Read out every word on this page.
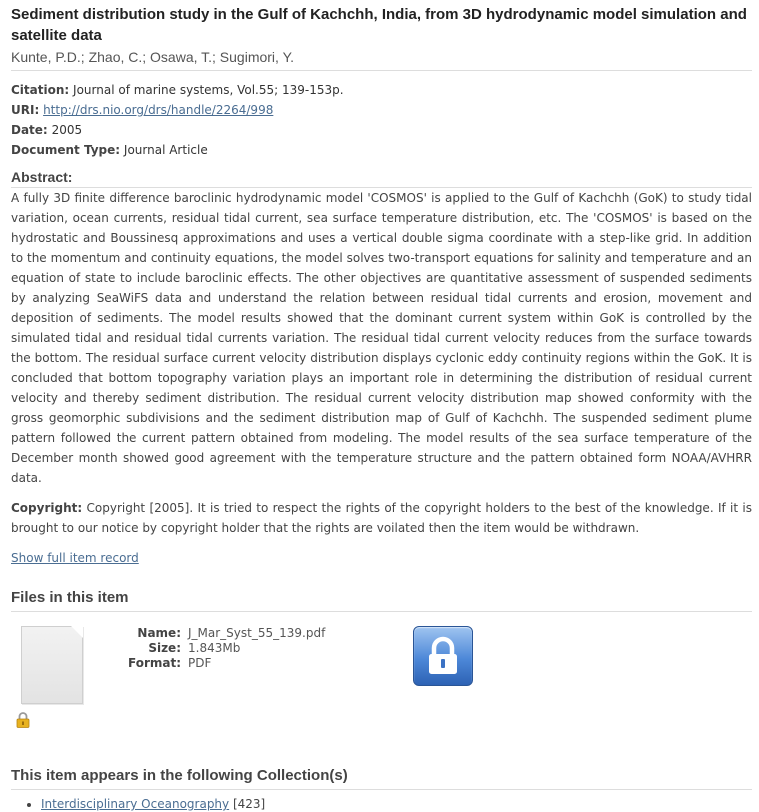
Sediment distribution study in the Gulf of Kachchh, India, from 3D hydrodynamic model simulation and satellite data
Kunte, P.D.; Zhao, C.; Osawa, T.; Sugimori, Y.
Citation: Journal of marine systems, Vol.55; 139-153p.
URI: http://drs.nio.org/drs/handle/2264/998
Date: 2005
Document Type: Journal Article
Abstract:
A fully 3D finite difference baroclinic hydrodynamic model 'COSMOS' is applied to the Gulf of Kachchh (GoK) to study tidal variation, ocean currents, residual tidal current, sea surface temperature distribution, etc. The 'COSMOS' is based on the hydrostatic and Boussinesq approximations and uses a vertical double sigma coordinate with a step-like grid. In addition to the momentum and continuity equations, the model solves two-transport equations for salinity and temperature and an equation of state to include baroclinic effects. The other objectives are quantitative assessment of suspended sediments by analyzing SeaWiFS data and understand the relation between residual tidal currents and erosion, movement and deposition of sediments. The model results showed that the dominant current system within GoK is controlled by the simulated tidal and residual tidal currents variation. The residual tidal current velocity reduces from the surface towards the bottom. The residual surface current velocity distribution displays cyclonic eddy continuity regions within the GoK. It is concluded that bottom topography variation plays an important role in determining the distribution of residual current velocity and thereby sediment distribution. The residual current velocity distribution map showed conformity with the gross geomorphic subdivisions and the sediment distribution map of Gulf of Kachchh. The suspended sediment plume pattern followed the current pattern obtained from modeling. The model results of the sea surface temperature of the December month showed good agreement with the temperature structure and the pattern obtained form NOAA/AVHRR data.
Copyright: Copyright [2005]. It is tried to respect the rights of the copyright holders to the best of the knowledge. If it is brought to our notice by copyright holder that the rights are voilated then the item would be withdrawn.
Show full item record
Files in this item
Name: J_Mar_Syst_55_139.pdf
Size: 1.843Mb
Format: PDF
This item appears in the following Collection(s)
• Interdisciplinary Oceanography [423]
